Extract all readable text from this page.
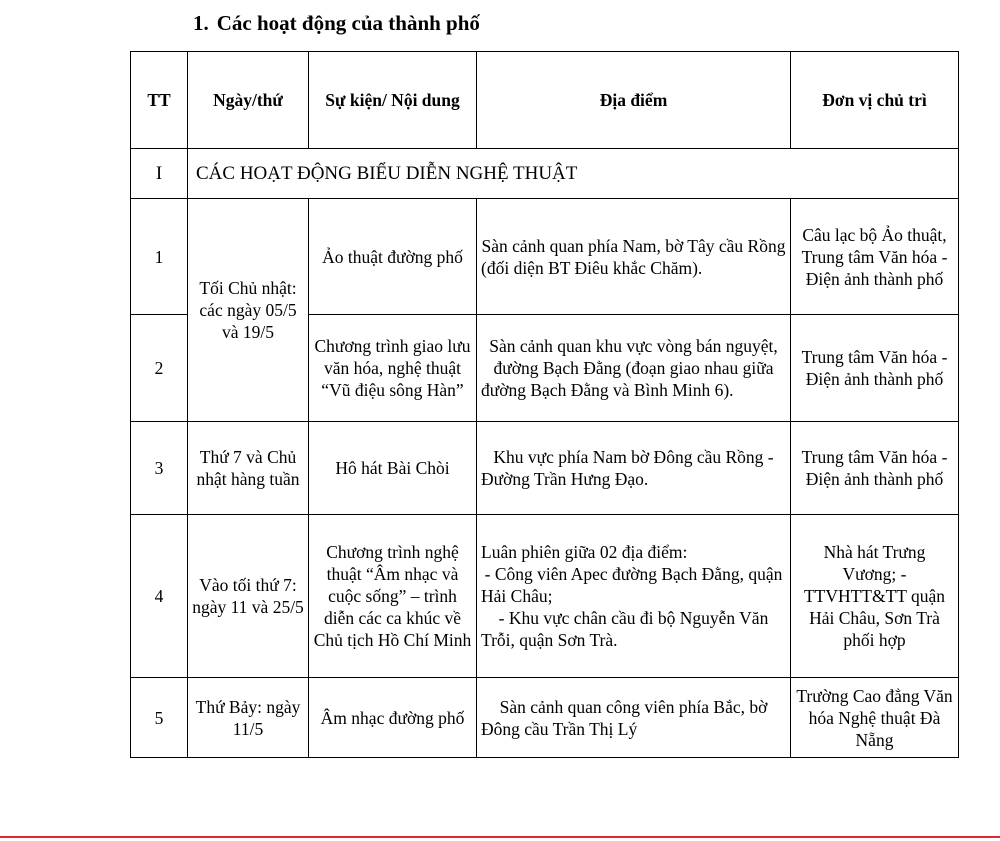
1. Các hoạt động của thành phố
TT	Ngày/thứ	Sự kiện/ Nội dung	Địa điểm	Đơn vị chủ trì
I	CÁC HOẠT ĐỘNG BIỂU DIỄN NGHỆ THUẬT			
1	Tối Chủ nhật: các ngày 05/5 và 19/5	Ảo thuật đường phố	Sàn cảnh quan phía Nam, bờ Tây cầu Rồng (đối diện BT Điêu khắc Chăm).	Câu lạc bộ Ảo thuật, Trung tâm Văn hóa - Điện ảnh thành phố
2		Chương trình giao lưu văn hóa, nghệ thuật “Vũ điệu sông Hàn”	Sàn cảnh quan khu vực vòng bán nguyệt, đường Bạch Đằng (đoạn giao nhau giữa đường Bạch Đằng và Bình Minh 6).	Trung tâm Văn hóa - Điện ảnh thành phố
3	Thứ 7 và Chủ nhật hàng tuần	Hô hát Bài Chòi	Khu vực phía Nam bờ Đông cầu Rồng - Đường Trần Hưng Đạo.	Trung tâm Văn hóa - Điện ảnh thành phố
4	Vào tối thứ 7: ngày 11 và 25/5	Chương trình nghệ thuật “Âm nhạc và cuộc sống” – trình diễn các ca khúc về Chủ tịch Hồ Chí Minh	Luân phiên giữa 02 địa điểm:
- Công viên Apec đường Bạch Đằng, quận Hải Châu;
- Khu vực chân cầu đi bộ Nguyễn Văn Trỗi, quận Sơn Trà.	Nhà hát Trưng Vương; - TTVHTT&TT quận Hải Châu, Sơn Trà phối hợp
5	Thứ Bảy: ngày 11/5	Âm nhạc đường phố	Sàn cảnh quan công viên phía Bắc, bờ Đông cầu Trần Thị Lý	Trường Cao đẳng Văn hóa Nghệ thuật Đà Nẵng
